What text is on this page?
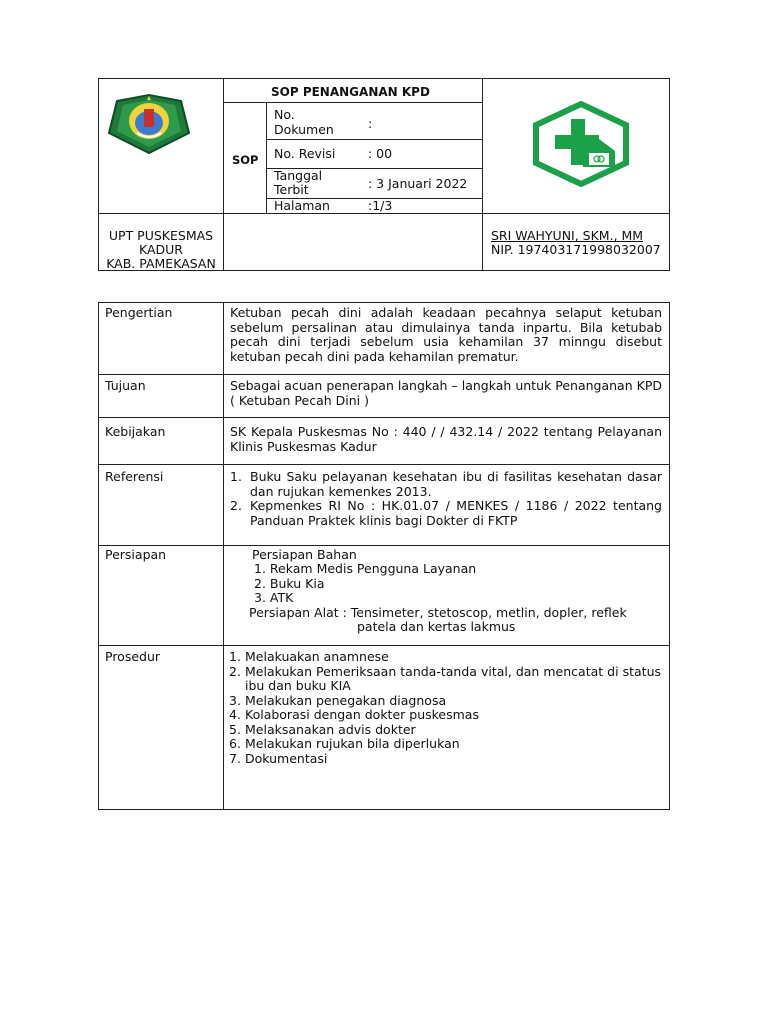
SOP PENANGANAN KPD
SOP
No.
Dokumen	:
No. Revisi	: 00
Tanggal
Terbit	: 3 Januari 2022
Halaman	:1/3
UPT PUSKESMAS
KADUR
KAB. PAMEKASAN
SRI WAHYUNI, SKM., MM
NIP. 197403171998032007
Pengertian	Ketuban pecah dini adalah keadaan pecahnya selaput ketuban sebelum persalinan atau dimulainya tanda inpartu. Bila ketubab pecah dini terjadi sebelum usia kehamilan 37 minngu disebut ketuban pecah dini pada kehamilan prematur.
Tujuan	Sebagai acuan penerapan langkah – langkah untuk Penanganan KPD ( Ketuban Pecah Dini )
Kebijakan	SK Kepala Puskesmas No : 440 / / 432.14 / 2022 tentang Pelayanan Klinis Puskesmas Kadur
Referensi	1. Buku Saku pelayanan kesehatan ibu di fasilitas kesehatan dasar dan rujukan kemenkes 2013.
2. Kepmenkes RI No : HK.01.07 / MENKES / 1186 / 2022 tentang Panduan Praktek klinis bagi Dokter di FKTP
Persiapan	Persiapan Bahan
1. Rekam Medis Pengguna Layanan
2. Buku Kia
3. ATK
Persiapan Alat : Tensimeter, stetoscop, metlin, dopler, reflek
patela dan kertas lakmus
Prosedur	1. Melakuakan anamnese
2. Melakukan Pemeriksaan tanda-tanda vital, dan mencatat di status ibu dan buku KIA
3. Melakukan penegakan diagnosa
4. Kolaborasi dengan dokter puskesmas
5. Melaksanakan advis dokter
6. Melakukan rujukan bila diperlukan
7. Dokumentasi
